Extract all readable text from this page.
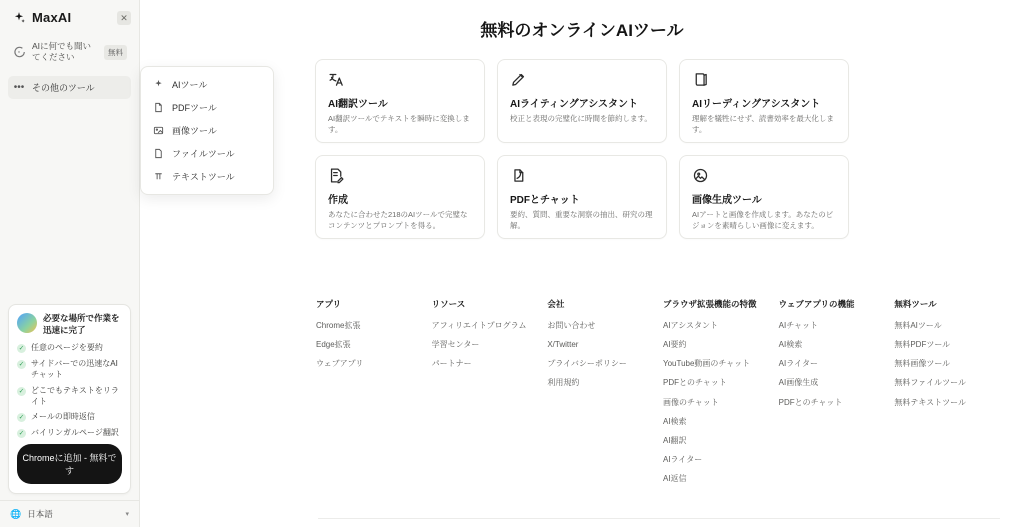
MaxAI	✕
AIに何でも聞いてください	無料
••• その他のツール
必要な場所で作業を迅速に完了
✓ 任意のページを要約
✓ サイドバーでの迅速なAIチャット
✓ どこでもテキストをリライト
✓ メールの即時返信
✓ バイリンガルページ翻訳
Chromeに追加 - 無料です
🌐 日本語	▾
AIツール
PDFツール
画像ツール
ファイルツール
テキストツール
無料のオンラインAIツール
AI翻訳ツール
AI翻訳ツールでテキストを瞬時に変換します。
AIライティングアシスタント
校正と表現の完璧化に時間を節約します。
AIリーディングアシスタント
理解を犠牲にせず、読書効率を最大化します。
作成
あなたに合わせた218のAIツールで完璧なコンテンツとプロンプトを得る。
PDFとチャット
要約、質問、重要な洞察の抽出、研究の理解。
画像生成ツール
AIアートと画像を作成します。あなたのビジョンを素晴らしい画像に変えます。
アプリ
Chrome拡張
Edge拡張
ウェブアプリ
リソース
アフィリエイトプログラム
学習センター
パートナー
会社
お問い合わせ
X/Twitter
プライバシーポリシー
利用規約
ブラウザ拡張機能の特徴
AIアシスタント
AI要約
YouTube動画のチャット
PDFとのチャット
画像のチャット
AI検索
AI翻訳
AIライター
AI返信
ウェブアプリの機能
AIチャット
AI検索
AIライター
AI画像生成
PDFとのチャット
無料ツール
無料AIツール
無料PDFツール
無料画像ツール
無料ファイルツール
無料テキストツール
